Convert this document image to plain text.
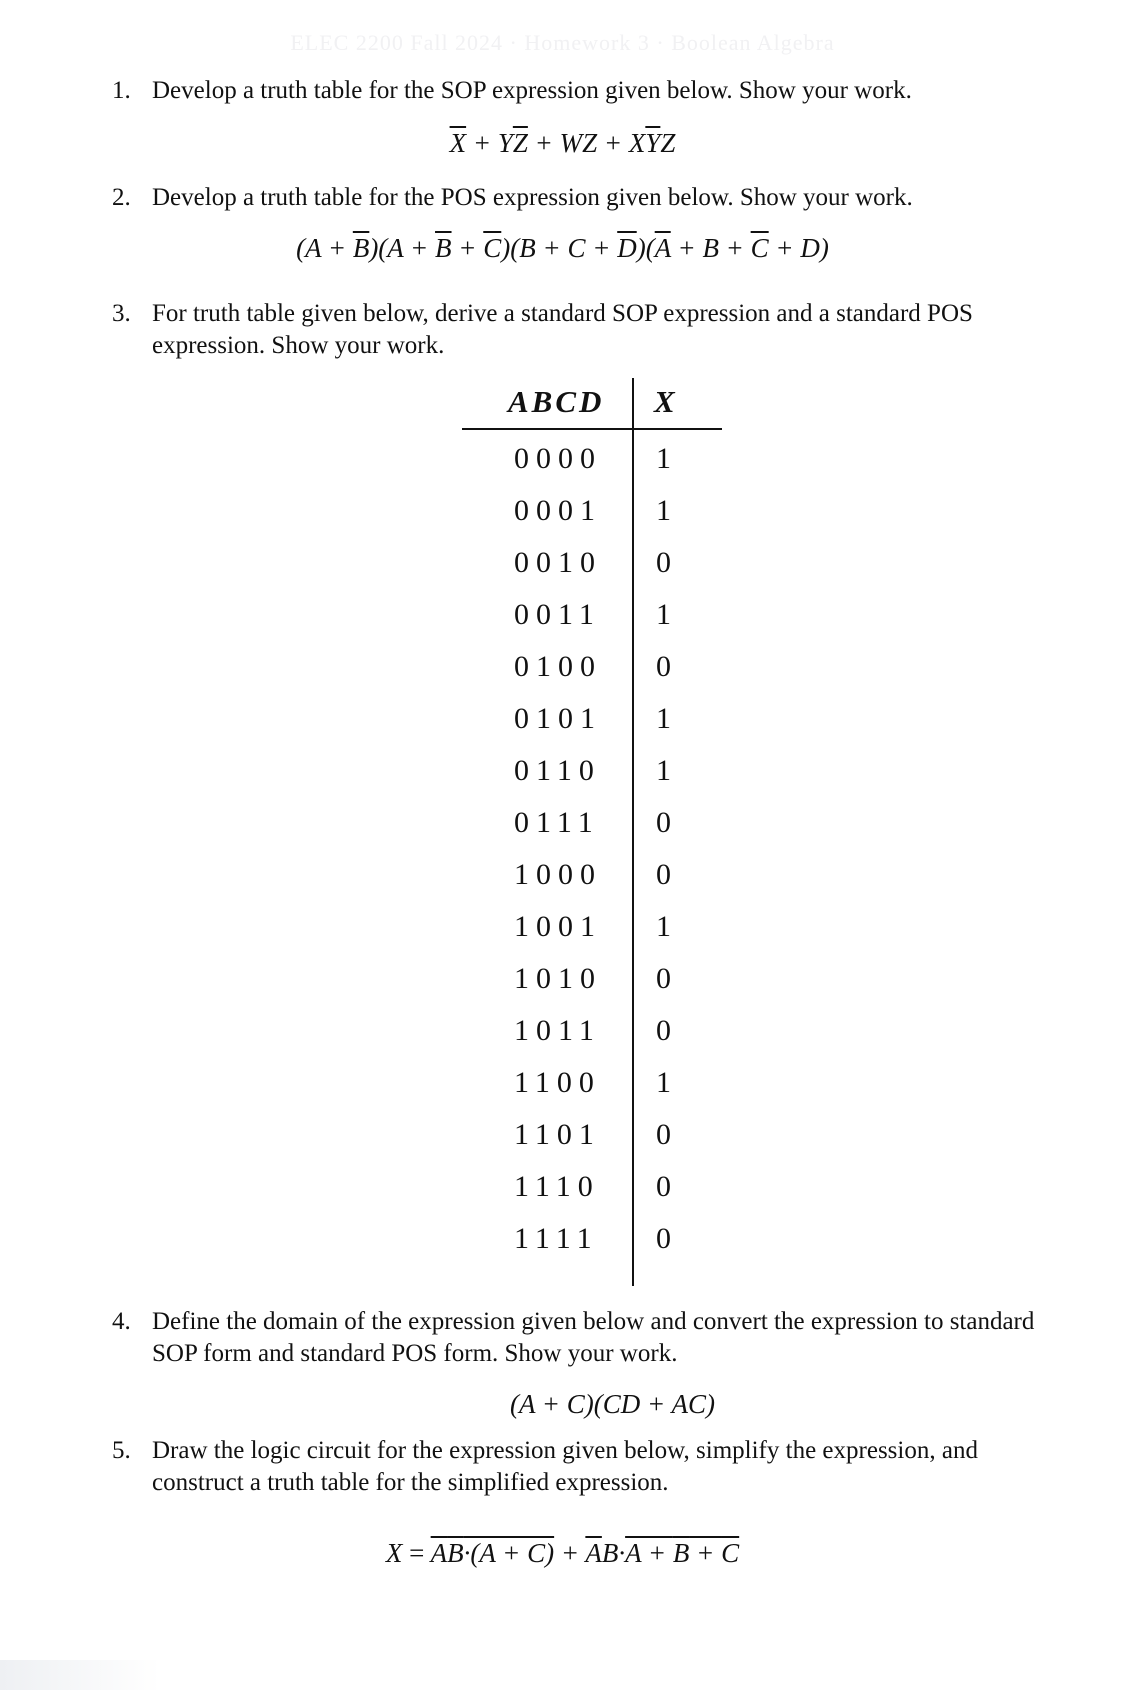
ELEC 2200 Fall 2024 · Homework 3 · Boolean Algebra
1. Develop a truth table for the SOP expression given below. Show your work.
$\overline{X} + Y\overline{Z}$ + WZ + $X\overline{Y}Z$
2. Develop a truth table for the POS expression given below. Show your work.
$(A + \overline{B})(A + \overline{B} + \overline{C})(B + C + \overline{D})(\overline{A} + B + \overline{C} + D)$
3. For truth table given below, derive a standard SOP expression and a standard POS expression. Show your work.
ABCD X
0000 1
0001 1
0010 0
0011 1
0100 0
0101 1
0110 1
0111 0
1000 0
1001 1
1010 0
1011 0
1100 1
1101 0
1110 0
1111 0
4. Define the domain of the expression given below and convert the expression to standard SOP form and standard POS form. Show your work.
(A + C)(CD + AC)
5. Draw the logic circuit for the expression given below, simplify the expression, and construct a truth table for the simplified expression.
$X = AB\cdot(A + C) + \overline{A}B\cdot A + B + C$
